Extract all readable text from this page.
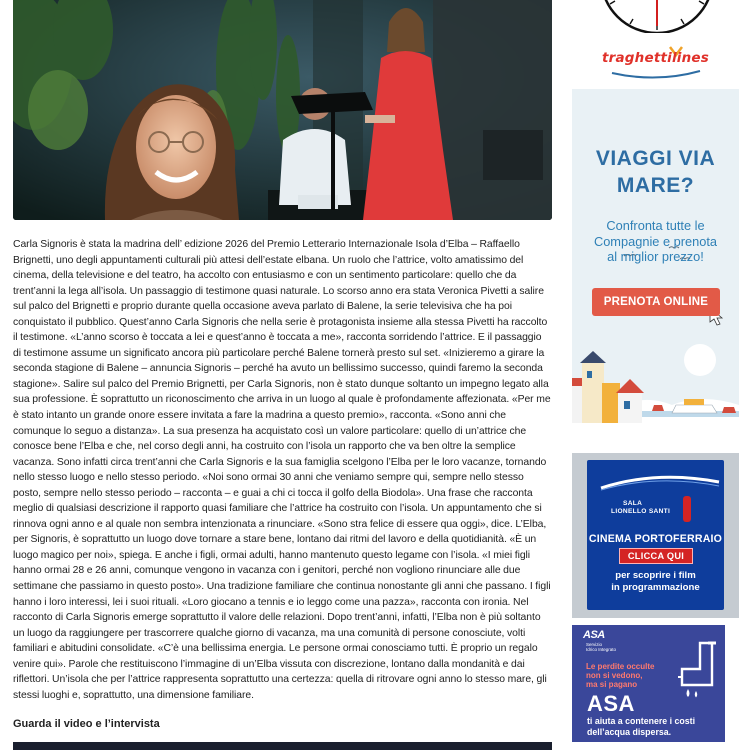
Carla Signoris è stata la madrina dell’ edizione 2026 del Premio Letterario Internazionale Isola d’Elba – Raffaello Brignetti, uno degli appuntamenti culturali più attesi dell’estate elbana. Un ruolo che l’attrice, volto amatissimo del cinema, della televisione e del teatro, ha accolto con entusiasmo e con un sentimento particolare: quello che da trent’anni la lega all’isola. Un passaggio di testimone quasi naturale. Lo scorso anno era stata Veronica Pivetti a salire sul palco del Brignetti e proprio durante quella occasione aveva parlato di Balene, la serie televisiva che ha poi conquistato il pubblico. Quest’anno Carla Signoris che nella serie è protagonista insieme alla stessa Pivetti ha raccolto il testimone. «L’anno scorso è toccata a lei e quest’anno è toccata a me», racconta sorridendo l’attrice. E il passaggio di testimone assume un significato ancora più particolare perché Balene tornerà presto sul set. «Inizieremo a girare la seconda stagione di Balene – annuncia Signoris – perché ha avuto un bellissimo successo, quindi faremo la seconda stagione». Salire sul palco del Premio Brignetti, per Carla Signoris, non è stato dunque soltanto un impegno legato alla sua professione. È soprattutto un riconoscimento che arriva in un luogo al quale è profondamente affezionata. «Per me è stato intanto un grande onore essere invitata a fare la madrina a questo premio», racconta. «Sono anni che comunque lo seguo a distanza». La sua presenza ha acquistato così un valore particolare: quello di un’attrice che conosce bene l’Elba e che, nel corso degli anni, ha costruito con l’isola un rapporto che va ben oltre la semplice vacanza. Sono infatti circa trent’anni che Carla Signoris e la sua famiglia scelgono l’Elba per le loro vacanze, tornando nello stesso luogo e nello stesso periodo. «Noi sono ormai 30 anni che veniamo sempre qui, sempre nello stesso posto, sempre nello stesso periodo – racconta – e guai a chi ci tocca il golfo della Biodola». Una frase che racconta meglio di qualsiasi descrizione il rapporto quasi familiare che l’attrice ha costruito con l’isola. Un appuntamento che si rinnova ogni anno e al quale non sembra intenzionata a rinunciare. «Sono stra felice di essere qua oggi», dice. L’Elba, per Signoris, è soprattutto un luogo dove tornare a stare bene, lontano dai ritmi del lavoro e della quotidianità. «È un luogo magico per noi», spiega. E anche i figli, ormai adulti, hanno mantenuto questo legame con l’isola. «I miei figli hanno ormai 28 e 26 anni, comunque vengono in vacanza con i genitori, perché non vogliono rinunciare alle due settimane che passiamo in questo posto». Una tradizione familiare che continua nonostante gli anni che passano. I figli hanno i loro interessi, lei i suoi rituali. «Loro giocano a tennis e io leggo come una pazza», racconta con ironia. Nel racconto di Carla Signoris emerge soprattutto il valore delle relazioni. Dopo trent’anni, infatti, l’Elba non è più soltanto un luogo da raggiungere per trascorrere qualche giorno di vacanza, ma una comunità di persone conosciute, volti familiari e abitudini consolidate. «C’è una bellissima energia. Le persone ormai conosciamo tutti. È proprio un regalo venire qui». Parole che restituiscono l’immagine di un’Elba vissuta con discrezione, lontano dalla mondanità e dai riflettori. Un’isola che per l’attrice rappresenta soprattutto una certezza: quella di ritrovare ogni anno lo stesso mare, gli stessi luoghi e, soprattutto, una dimensione familiare.

Guarda il video e l’intervista
traghettilines
VIAGGI VIA
MARE?
Confronta tutte le
Compagnie e prenota
al miglior prezzo!
PRENOTA ONLINE
SALA
LIONELLO SANTI
CINEMA PORTOFERRAIO
CLICCA QUI
per scoprire i film
in programmazione
ASA
Servizio
Idrico Integrato
Le perdite occulte
non si vedono,
ma si pagano
ASA
ti aiuta a contenere i costi
dell’acqua dispersa.
